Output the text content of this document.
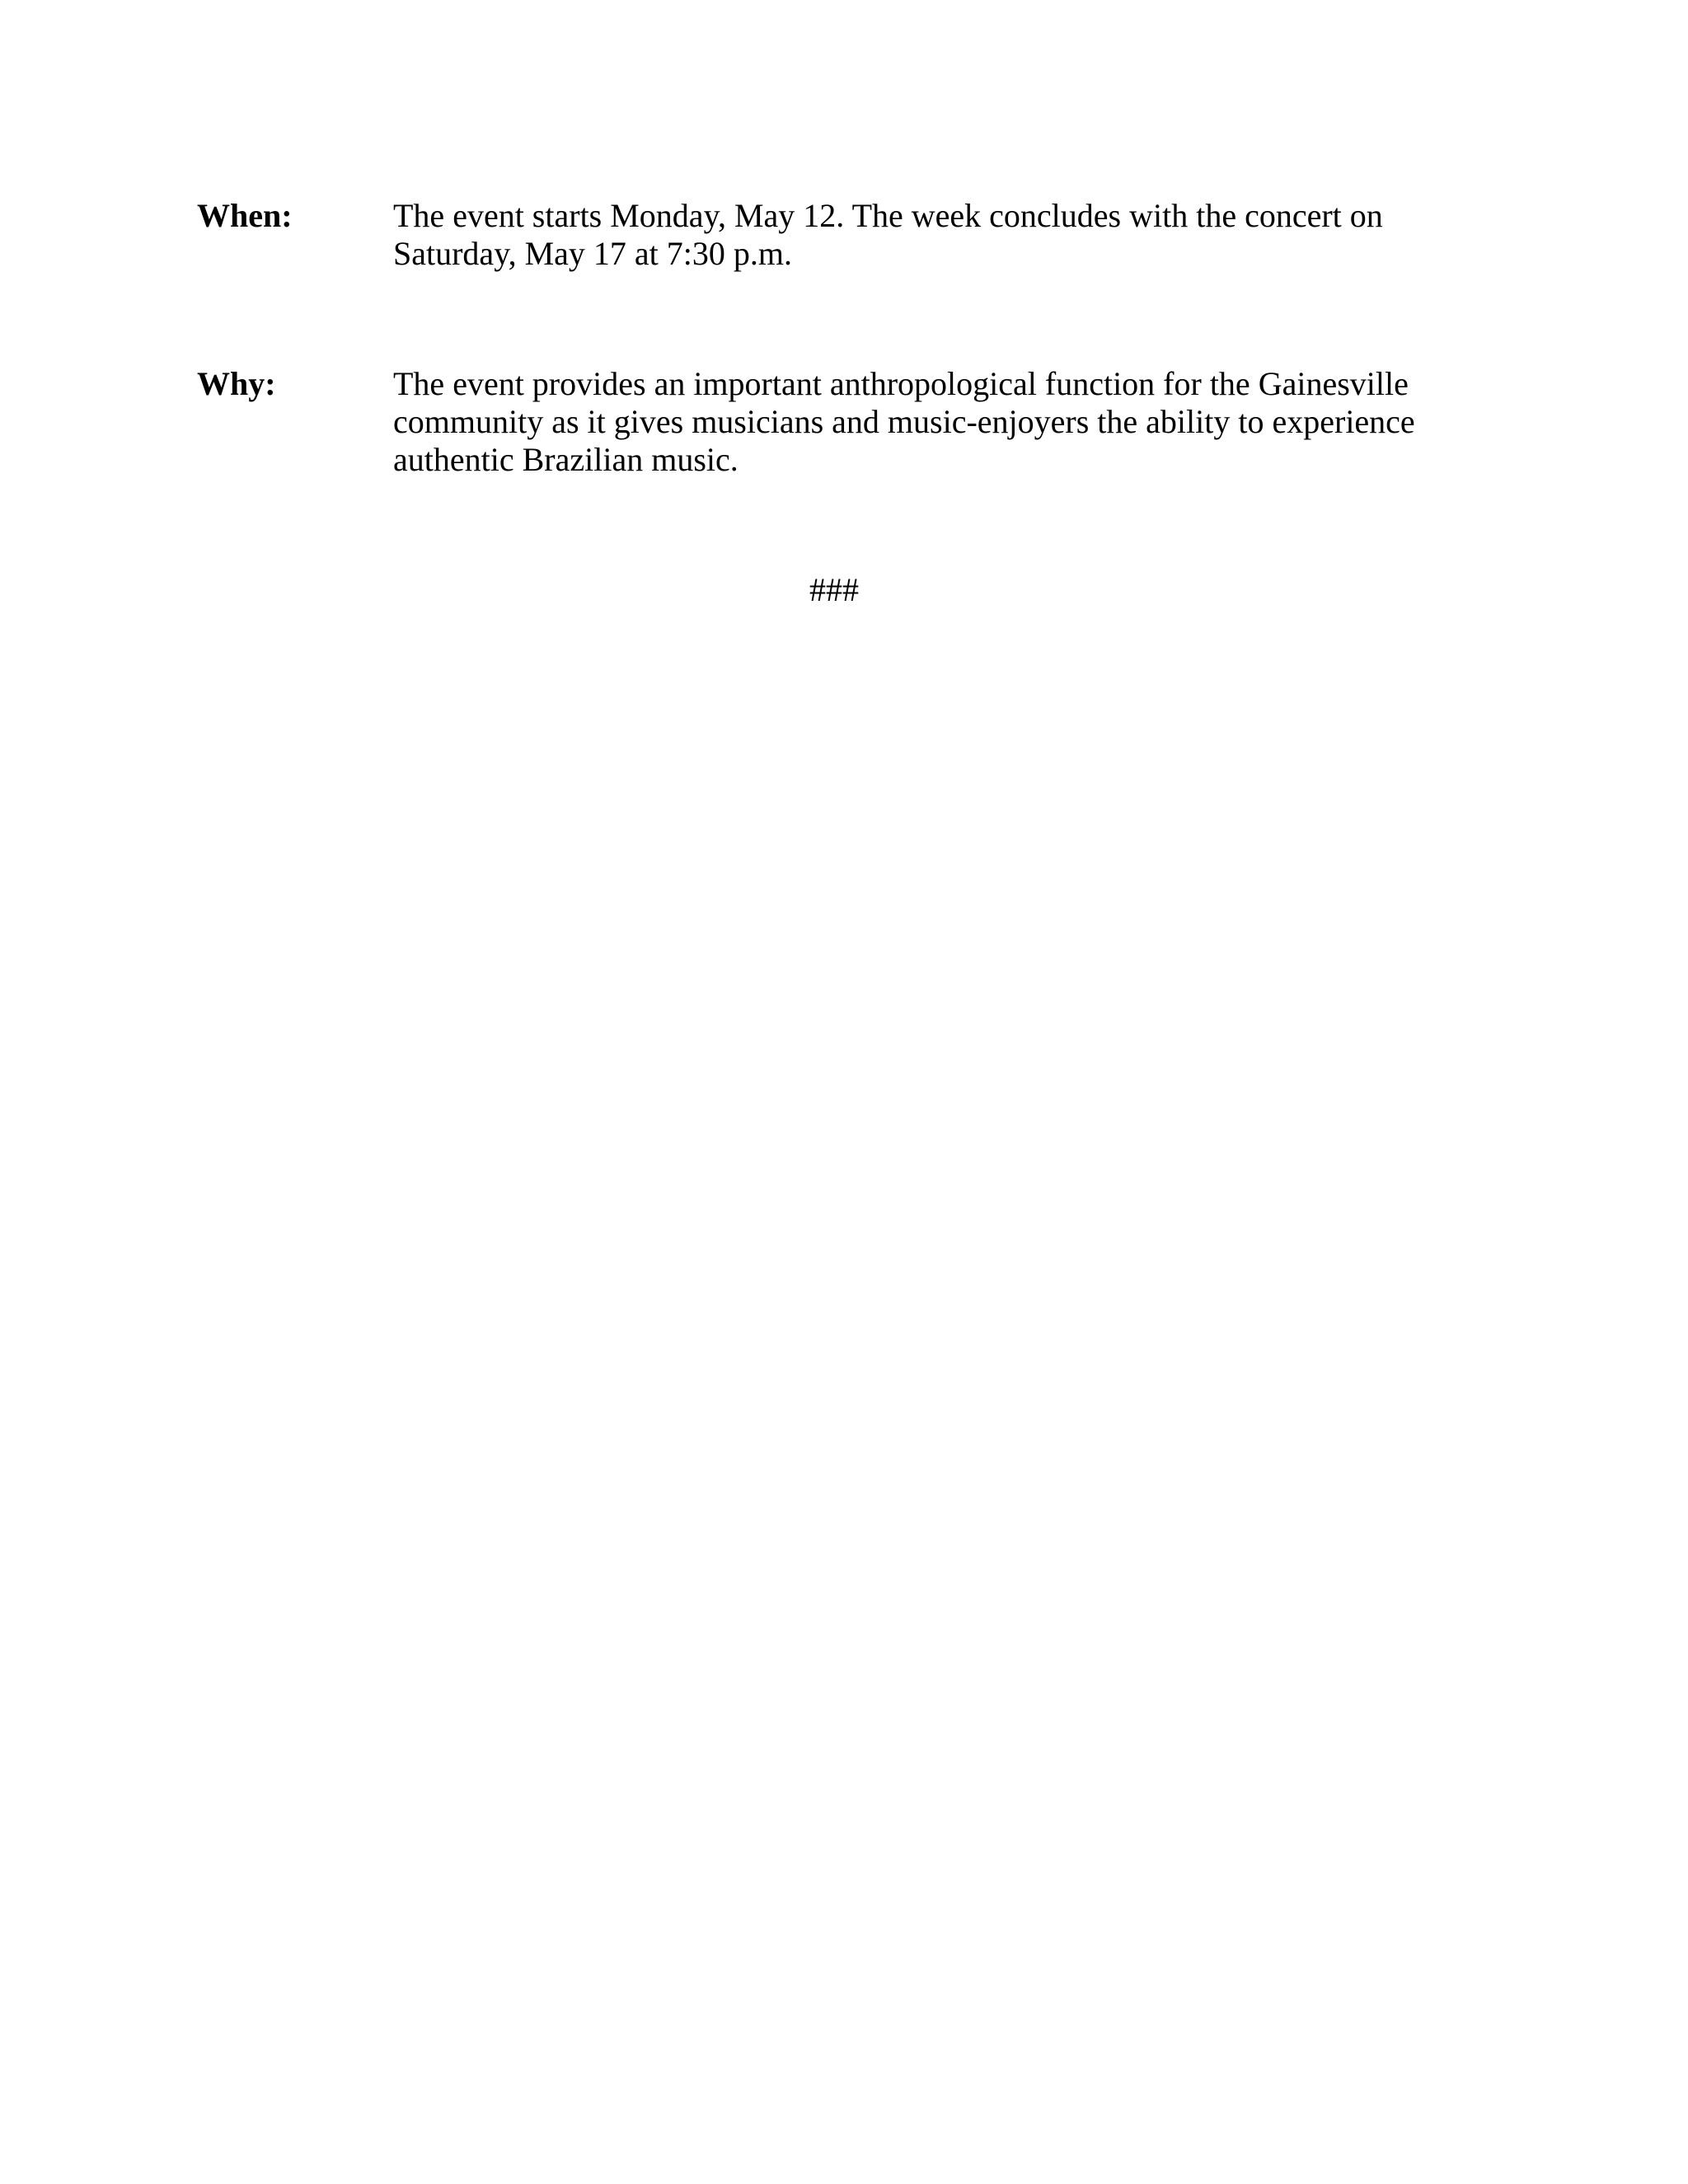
When:	The event starts Monday, May 12. The week concludes with the concert on
Saturday, May 17 at 7:30 p.m.
Why:	The event provides an important anthropological function for the Gainesville
community as it gives musicians and music-enjoyers the ability to experience
authentic Brazilian music.
###
